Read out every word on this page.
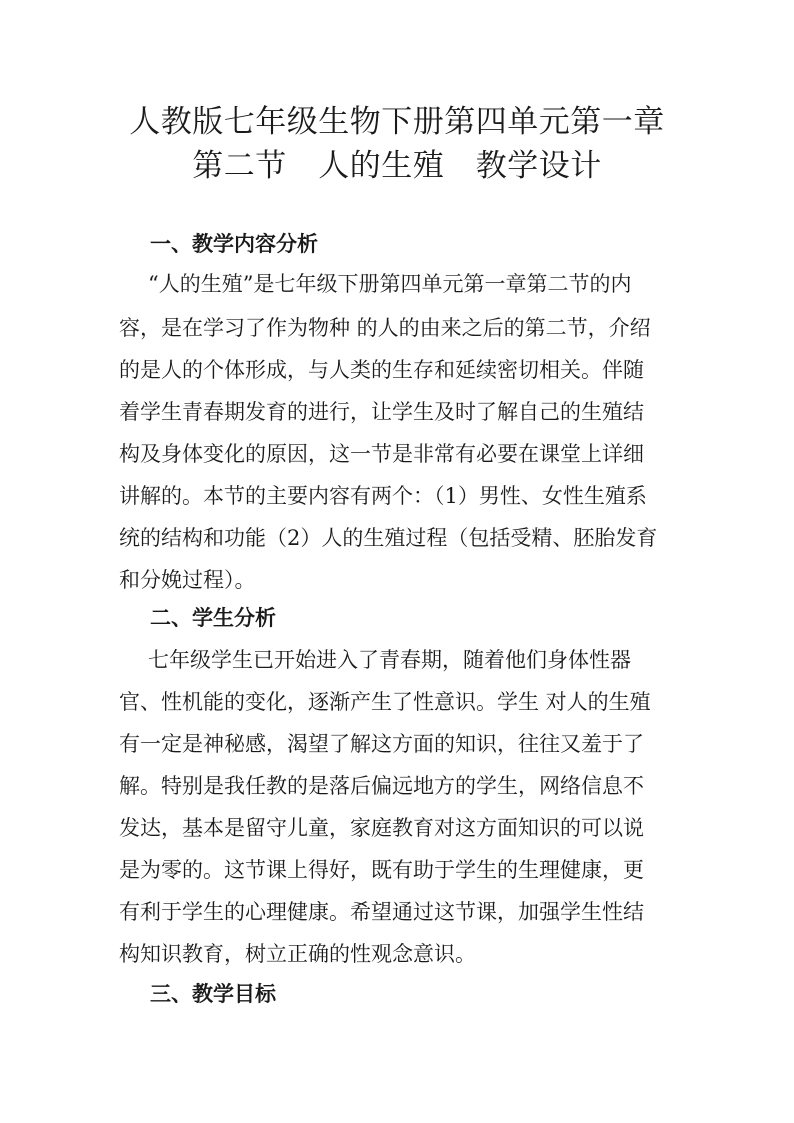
人教版七年级生物下册第四单元第一章
第二节　人的生殖　教学设计
一、教学内容分析
“人的生殖”是七年级下册第四单元第一章第二节的内
容，是在学习了作为物种 的人的由来之后的第二节，介绍
的是人的个体形成，与人类的生存和延续密切相关。伴随
着学生青春期发育的进行，让学生及时了解自己的生殖结
构及身体变化的原因，这一节是非常有必要在课堂上详细
讲解的。本节的主要内容有两个：（1）男性、女性生殖系
统的结构和功能（2）人的生殖过程（包括受精、胚胎发育
和分娩过程）。
二、学生分析
七年级学生已开始进入了青春期，随着他们身体性器
官、性机能的变化，逐渐产生了性意识。学生 对人的生殖
有一定是神秘感，渴望了解这方面的知识，往往又羞于了
解。特别是我任教的是落后偏远地方的学生，网络信息不
发达，基本是留守儿童，家庭教育对这方面知识的可以说
是为零的。这节课上得好，既有助于学生的生理健康，更
有利于学生的心理健康。希望通过这节课，加强学生性结
构知识教育，树立正确的性观念意识。
三、教学目标
